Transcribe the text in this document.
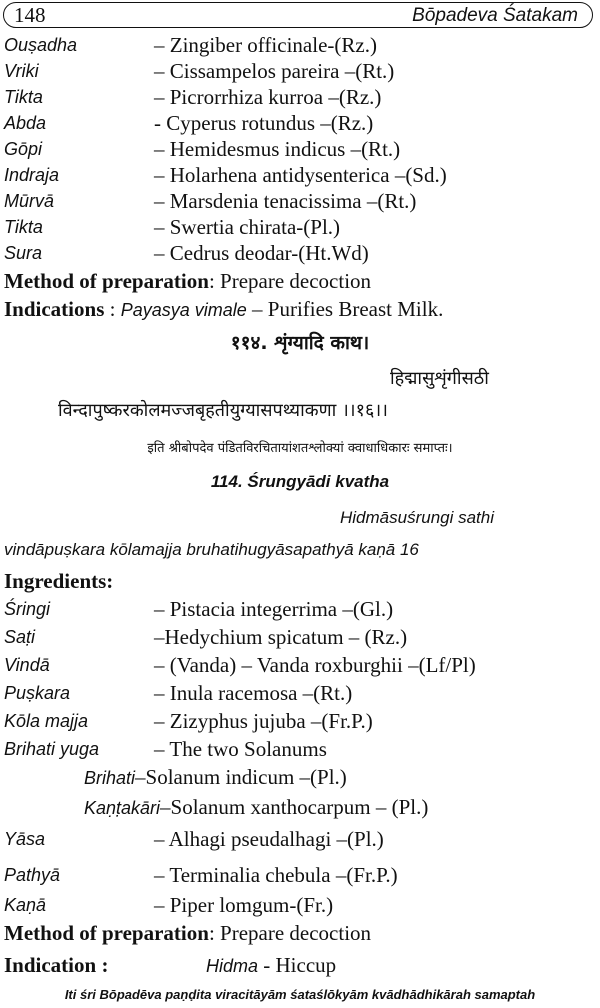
148	Bōpadeva Śatakam
Ouṣadha	– Zingiber officinale-(Rz.)
Vriki	– Cissampelos pareira –(Rt.)
Tikta	– Picrorrhiza kurroa –(Rz.)
Abda	- Cyperus rotundus –(Rz.)
Gōpi	– Hemidesmus indicus –(Rt.)
Indraja	– Holarhena antidysenterica –(Sd.)
Mūrvā	– Marsdenia tenacissima –(Rt.)
Tikta	– Swertia chirata-(Pl.)
Sura	– Cedrus deodar-(Ht.Wd)
Method of preparation: Prepare decoction
Indications : Payasya vimale – Purifies Breast Milk.
११४. शृंग्यादि काथ।
हिद्मासुशृंगीसठी
विन्दापुष्करकोलमज्जबृहतीयुग्यासपथ्याकणा ।।१६।।
इति श्रीबोपदेव पंडितविरचितायांशतश्लोक्यां क्वाधाधिकारः समाप्तः।
114. Śrungyādi kvatha
Hidmāsuśrungi sathi
vindāpuṣkara kōlamajja bruhatihugyāsapathyā kaṇā 16
Ingredients:
Śringi	– Pistacia integerrima –(Gl.)
Saṭi	–Hedychium spicatum – (Rz.)
Vindā	– (Vanda) – Vanda roxburghii –(Lf/Pl)
Puṣkara	– Inula racemosa –(Rt.)
Kōla majja	– Zizyphus jujuba –(Fr.P.)
Brihati yuga	– The two Solanums
Brihati–Solanum indicum –(Pl.)
Kaṇṭakāri–Solanum xanthocarpum – (Pl.)
Yāsa	– Alhagi pseudalhagi –(Pl.)
Pathyā	– Terminalia chebula –(Fr.P.)
Kaṇā	– Piper lomgum-(Fr.)
Method of preparation: Prepare decoction
Indication :	Hidma - Hiccup
Iti śri Bōpadēva paṇḍita viracitāyām śataślōkyām kvādhādhikārah samaptah
